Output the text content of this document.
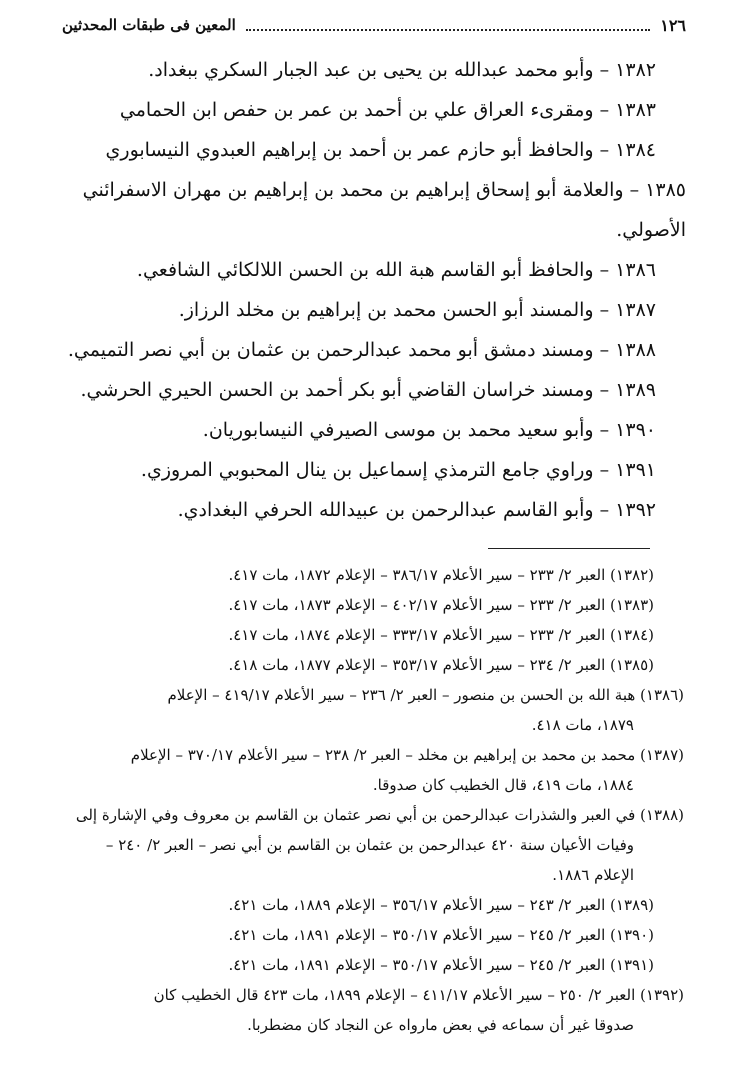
١٢٦
المعين فى طبقات المحدثين

١٣٨٢ – وأبو محمد عبدالله بن يحيى بن عبد الجبار السكري ببغداد.

١٣٨٣ – ومقرىء العراق علي بن أحمد بن عمر بن حفص ابن الحمامي

١٣٨٤ – والحافظ أبو حازم عمر بن أحمد بن إبراهيم العبدوي النيسابوري

١٣٨٥ – والعلامة أبو إسحاق إبراهيم بن محمد بن إبراهيم بن مهران الاسفرائني

الأصولي.

١٣٨٦ – والحافظ أبو القاسم هبة الله بن الحسن اللالكائي الشافعي.

١٣٨٧ – والمسند أبو الحسن محمد بن إبراهيم بن مخلد الرزاز.

١٣٨٨ – ومسند دمشق أبو محمد عبدالرحمن بن عثمان بن أبي نصر التميمي.

١٣٨٩ – ومسند خراسان القاضي أبو بكر أحمد بن الحسن الحيري الحرشي.

١٣٩٠ – وأبو سعيد محمد بن موسى الصيرفي النيسابوريان.

١٣٩١ – وراوي جامع الترمذي إسماعيل بن ينال المحبوبي المروزي.

١٣٩٢ – وأبو القاسم عبدالرحمن بن عبيدالله الحرفي البغدادي.

(١٣٨٢) العبر ٢/ ٢٣٣ – سير الأعلام ٣٨٦/١٧ – الإعلام ١٨٧٢، مات ٤١٧.

(١٣٨٣) العبر ٢/ ٢٣٣ – سير الأعلام ٤٠٢/١٧ – الإعلام ١٨٧٣، مات ٤١٧.

(١٣٨٤) العبر ٢/ ٢٣٣ – سير الأعلام ٣٣٣/١٧ – الإعلام ١٨٧٤، مات ٤١٧.

(١٣٨٥) العبر ٢/ ٢٣٤ – سير الأعلام ٣٥٣/١٧ – الإعلام ١٨٧٧، مات ٤١٨.

(١٣٨٦) هبة الله بن الحسن بن منصور – العبر ٢/ ٢٣٦ – سير الأعلام ٤١٩/١٧ – الإعلام

١٨٧٩، مات ٤١٨.

(١٣٨٧) محمد بن محمد بن إبراهيم بن مخلد – العبر ٢/ ٢٣٨ – سير الأعلام ٣٧٠/١٧ – الإعلام

١٨٨٤، مات ٤١٩، قال الخطيب كان صدوقا.

(١٣٨٨) في العبر والشذرات عبدالرحمن بن أبي نصر عثمان بن القاسم بن معروف وفي الإشارة إلى

وفيات الأعيان سنة ٤٢٠ عبدالرحمن بن عثمان بن القاسم بن أبي نصر – العبر ٢/ ٢٤٠ –

الإعلام ١٨٨٦.

(١٣٨٩) العبر ٢/ ٢٤٣ – سير الأعلام ٣٥٦/١٧ – الإعلام ١٨٨٩، مات ٤٢١.

(١٣٩٠) العبر ٢/ ٢٤٥ – سير الأعلام ٣٥٠/١٧ – الإعلام ١٨٩١، مات ٤٢١.

(١٣٩١) العبر ٢/ ٢٤٥ – سير الأعلام ٣٥٠/١٧ – الإعلام ١٨٩١، مات ٤٢١.

(١٣٩٢) العبر ٢/ ٢٥٠ – سير الأعلام ٤١١/١٧ – الإعلام ١٨٩٩، مات ٤٢٣ قال الخطيب كان

صدوقا غير أن سماعه في بعض مارواه عن النجاد كان مضطربا.
